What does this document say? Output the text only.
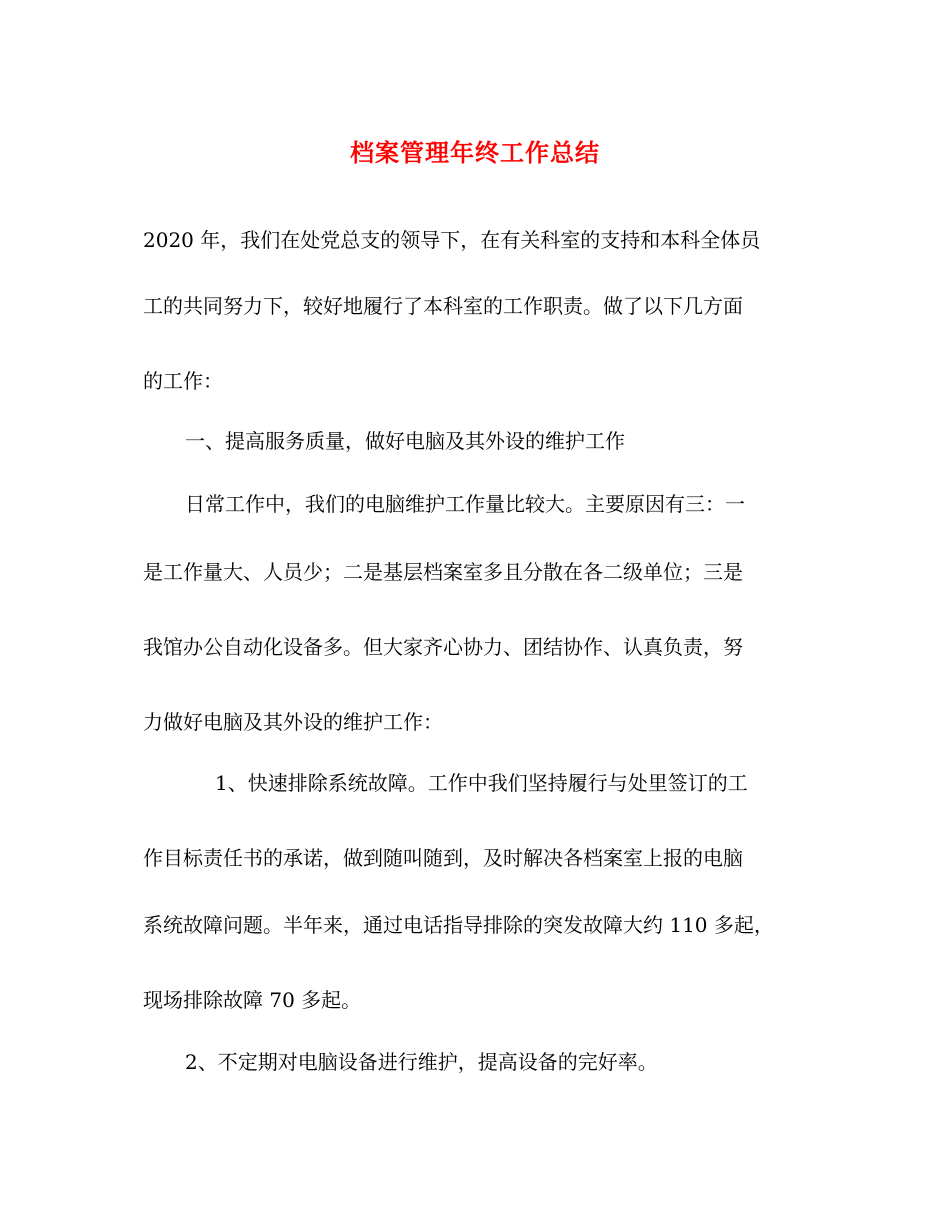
档案管理年终工作总结

2020 年，我们在处党总支的领导下，在有关科室的支持和本科全体员

工的共同努力下，较好地履行了本科室的工作职责。做了以下几方面

的工作：

一、提高服务质量，做好电脑及其外设的维护工作

日常工作中，我们的电脑维护工作量比较大。主要原因有三：一

是工作量大、人员少；二是基层档案室多且分散在各二级单位；三是

我馆办公自动化设备多。但大家齐心协力、团结协作、认真负责，努

力做好电脑及其外设的维护工作：

1、快速排除系统故障。工作中我们坚持履行与处里签订的工

作目标责任书的承诺，做到随叫随到，及时解决各档案室上报的电脑

系统故障问题。半年来，通过电话指导排除的突发故障大约 110 多起，

现场排除故障 70 多起。

2、不定期对电脑设备进行维护，提高设备的完好率。
